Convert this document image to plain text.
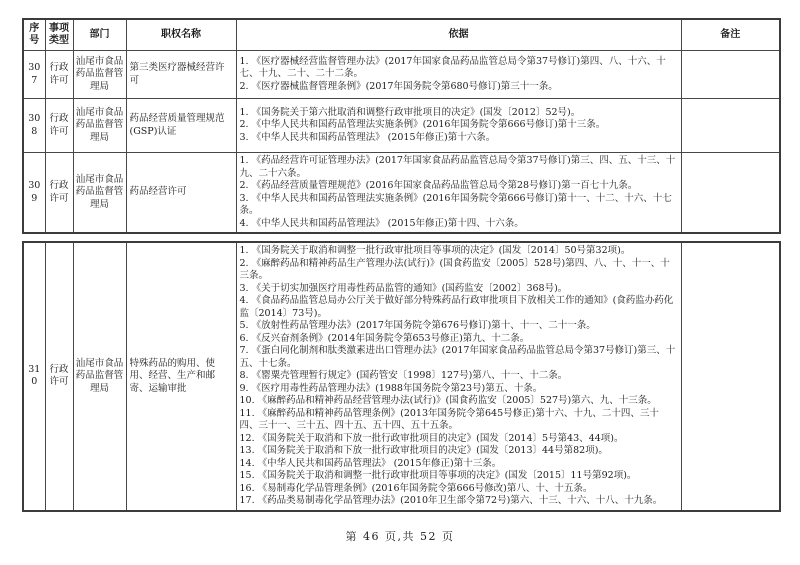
序号	事项类型	部门	职权名称	依据	备注
307	行政许可	汕尾市食品药品监督管理局	第三类医疗器械经营许可	1. 《医疗器械经营监督管理办法》(2017年国家食品药品监管总局令第37号修订)第四、八、十六、十七、十九、二十、二十二条。
2. 《医疗器械监督管理条例》(2017年国务院令第680号修订)第三十一条。	

308	行政许可	汕尾市食品药品监督管理局	药品经营质量管理规范(GSP)认证	1. 《国务院关于第六批取消和调整行政审批项目的决定》(国发〔2012〕52号)。
2. 《中华人民共和国药品管理法实施条例》(2016年国务院令第666号修订)第十三条。
3. 《中华人民共和国药品管理法》 (2015年修正)第十六条。	

309	行政许可	汕尾市食品药品监督管理局	药品经营许可	1. 《药品经营许可证管理办法》(2017年国家食品药品监管总局令第37号修订)第三、四、五、十三、十九、二十六条。
2. 《药品经营质量管理规范》(2016年国家食品药品监管总局令第28号修订)第一百七十九条。
3. 《中华人民共和国药品管理法实施条例》(2016年国务院令第666号修订)第十一、十二、十六、十七条。
4. 《中华人民共和国药品管理法》 (2015年修正)第十四、十六条。	

310	行政许可	汕尾市食品药品监督管理局	特殊药品的购用、使用、经营、生产和邮寄、运输审批	
1. 《国务院关于取消和调整一批行政审批项目等事项的决定》(国发〔2014〕50号第32项)。
2. 《麻醉药品和精神药品生产管理办法(试行)》(国食药监安〔2005〕528号)第四、八、十、十一、十三条。
3. 《关于切实加强医疗用毒性药品监管的通知》(国药监安〔2002〕368号)。
4. 《食品药品监管总局办公厅关于做好部分特殊药品行政审批项目下放相关工作的通知》(食药监办药化监〔2014〕73号)。
5. 《放射性药品管理办法》(2017年国务院令第676号修订)第十、十一、二十一条。
6. 《反兴奋剂条例》(2014年国务院令第653号修正)第九、十二条。
7. 《蛋白同化制剂和肽类激素进出口管理办法》(2017年国家食品药品监管总局令第37号修订)第三、十五、十七条。
8. 《罂粟壳管理暂行规定》(国药管安〔1998〕127号)第八、十一、十二条。
9. 《医疗用毒性药品管理办法》(1988年国务院令第23号)第五、十条。
10. 《麻醉药品和精神药品经营管理办法(试行)》(国食药监安〔2005〕527号)第六、九、十三条。
11. 《麻醉药品和精神药品管理条例》(2013年国务院令第645号修正)第十六、十九、二十四、三十四、三十一、三十五、四十五、五十四、五十五条。
12. 《国务院关于取消和下放一批行政审批项目的决定》(国发〔2014〕5号第43、44项)。
13. 《国务院关于取消和下放一批行政审批项目的决定》(国发〔2013〕44号第82项)。
14. 《中华人民共和国药品管理法》 (2015年修正)第十三条。
15. 《国务院关于取消和调整一批行政审批项目等事项的决定》(国发〔2015〕11号第92项)。
16. 《易制毒化学品管理条例》(2016年国务院令第666号修改)第八、十、十五条。
17. 《药品类易制毒化学品管理办法》(2010年卫生部令第72号)第六、十三、十六、十八、十九条。

第 46 页,共 52 页
